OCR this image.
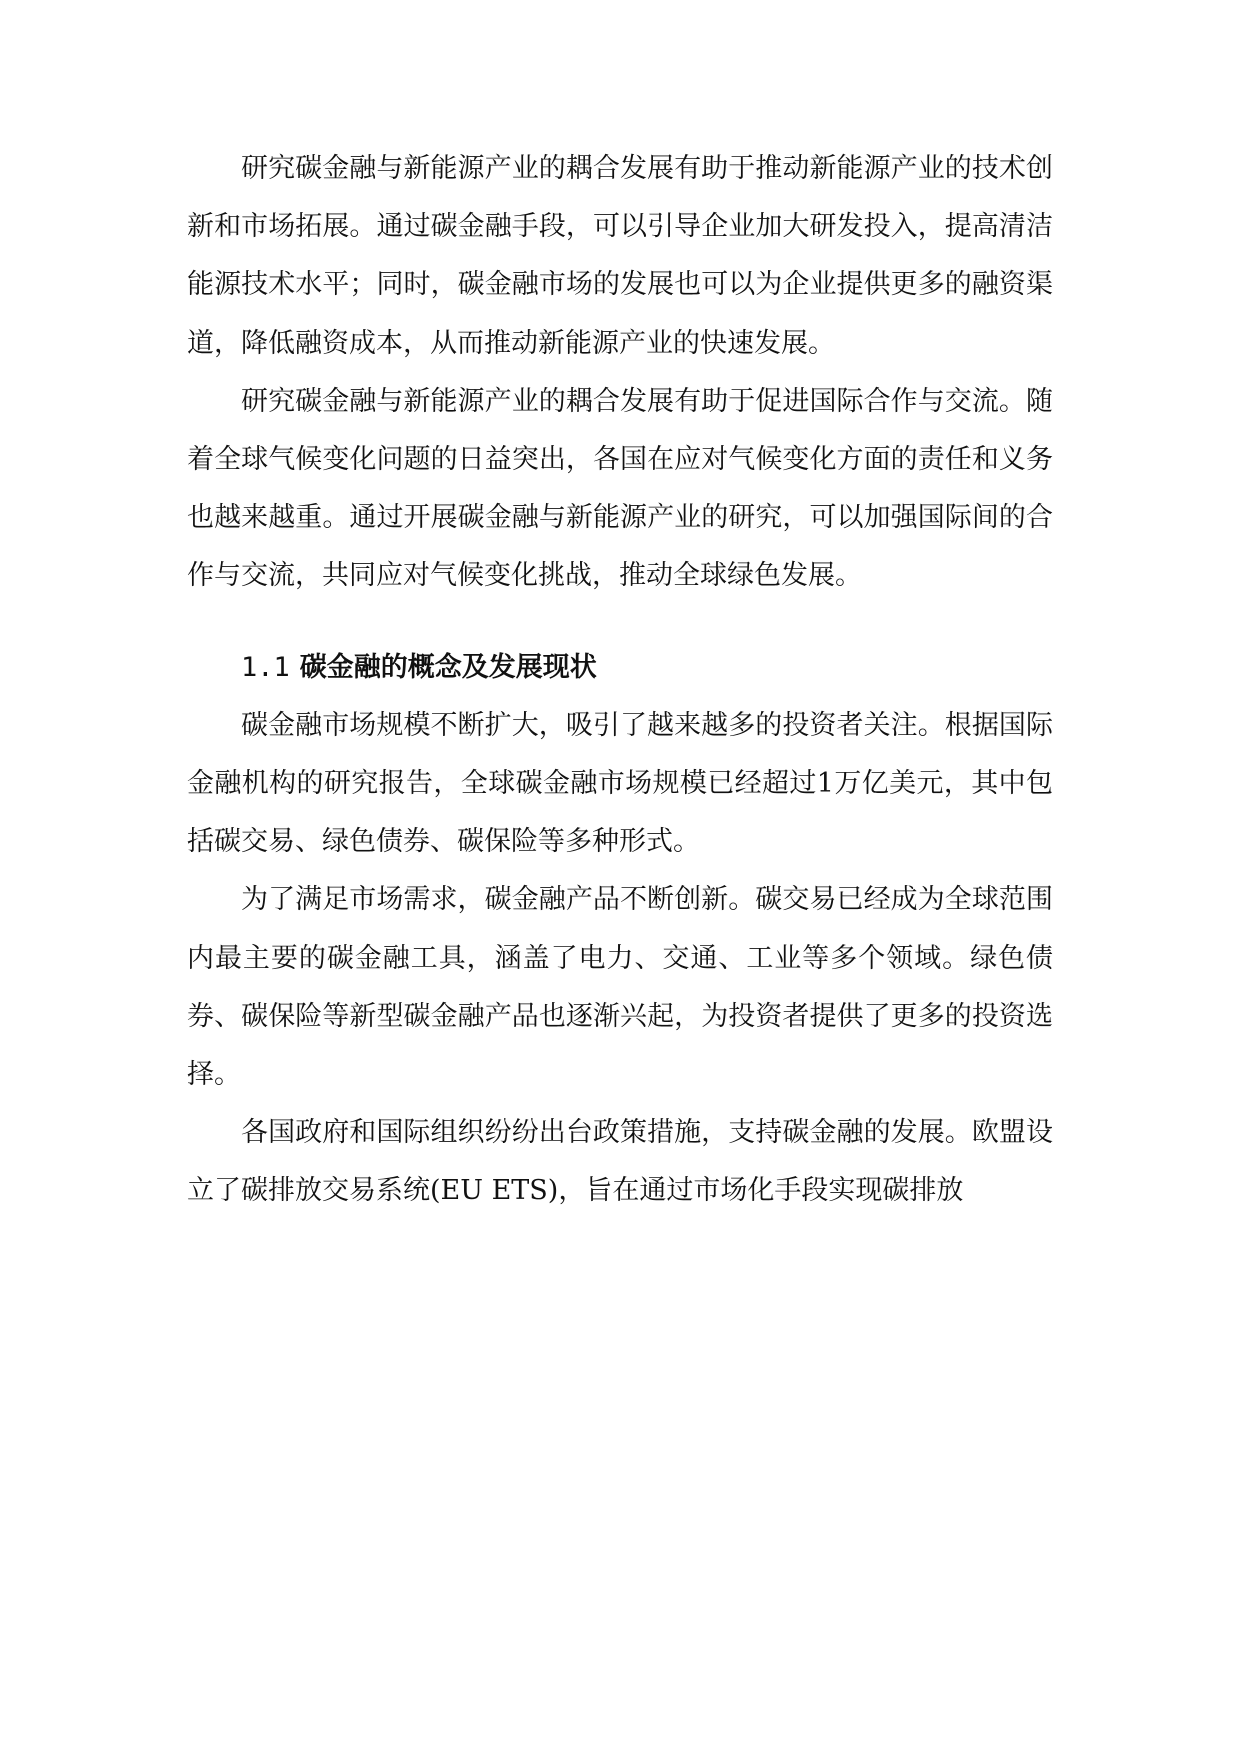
研究碳金融与新能源产业的耦合发展有助于推动新能源产业的技术创新和市场拓展。通过碳金融手段，可以引导企业加大研发投入，提高清洁能源技术水平；同时，碳金融市场的发展也可以为企业提供更多的融资渠道，降低融资成本，从而推动新能源产业的快速发展。

研究碳金融与新能源产业的耦合发展有助于促进国际合作与交流。随着全球气候变化问题的日益突出，各国在应对气候变化方面的责任和义务也越来越重。通过开展碳金融与新能源产业的研究，可以加强国际间的合作与交流，共同应对气候变化挑战，推动全球绿色发展。

1.1 碳金融的概念及发展现状

碳金融市场规模不断扩大，吸引了越来越多的投资者关注。根据国际金融机构的研究报告，全球碳金融市场规模已经超过1万亿美元，其中包括碳交易、绿色债券、碳保险等多种形式。

为了满足市场需求，碳金融产品不断创新。碳交易已经成为全球范围内最主要的碳金融工具，涵盖了电力、交通、工业等多个领域。绿色债券、碳保险等新型碳金融产品也逐渐兴起，为投资者提供了更多的投资选择。

各国政府和国际组织纷纷出台政策措施，支持碳金融的发展。欧盟设立了碳排放交易系统(EU ETS)，旨在通过市场化手段实现碳排放
